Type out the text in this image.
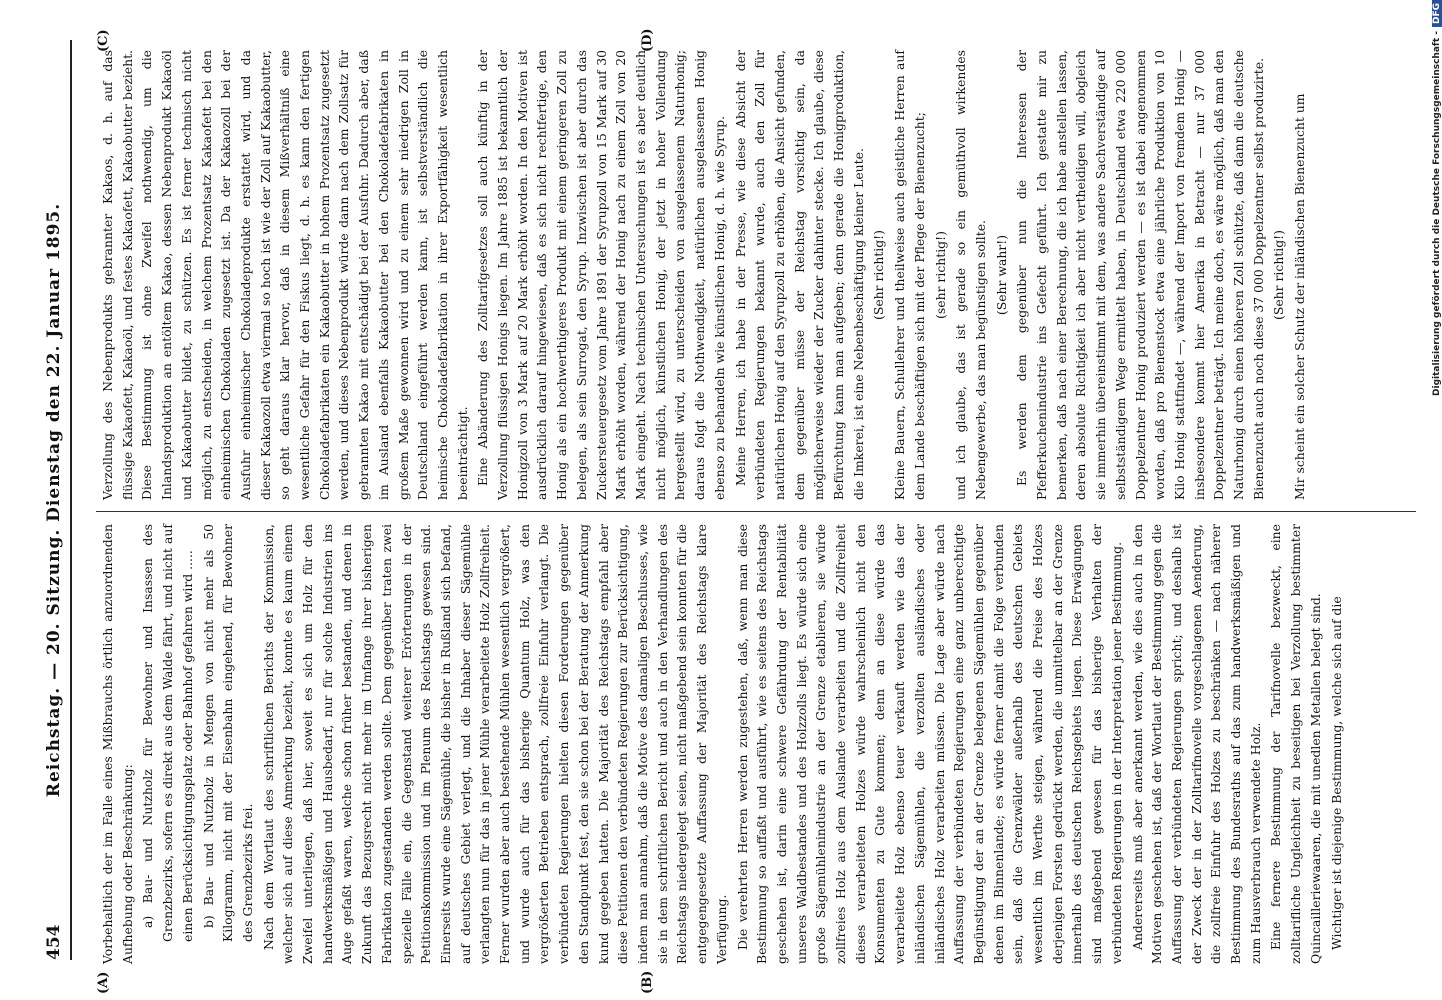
454
Reichstag. — 20. Sitzung. Dienstag den 22. Januar 1895.
(A)	(B)
(C)	(D)

Vorbehaltlich der im Falle eines Mißbrauchs örtlich anzuordnenden Aufhebung oder Beschränkung: a) Bau- und Nutzholz für Bewohner und Insassen des Grenzbezirks, sofern es direkt aus dem Walde fährt, und nicht auf einen Berücksichtigungsplatz oder Bahnhof gefahren wird ..... b) Bau- und Nutzholz in Mengen von nicht mehr als 50 Kilogramm, nicht mit der Eisenbahn eingehend, für Bewohner des Grenzbezirks frei. Nach dem Wortlaut des schriftlichen Berichts der Kommission, welcher sich auf diese Anmerkung bezieht, konnte es kaum einem Zweifel unterliegen, daß hier, soweit es sich um Holz für den handwerksmäßigen und Hausbedarf, nur für solche Industrien ins Auge gefaßt waren, welche schon früher bestanden, und denen in Zukunft das Bezugsrecht nicht mehr im Umfange ihrer bisherigen Fabrikation zugestanden werden sollte. Dem gegenüber traten zwei spezielle Fälle ein, die Gegenstand weiterer Erörterungen in der Petitionskommission und im Plenum des Reichstags gewesen sind. Einerseits wurde eine Sägemühle, die bisher in Rußland sich befand, auf deutsches Gebiet verlegt, und die Inhaber dieser Sägemühle verlangten nun für das in jener Mühle verarbeitete Holz Zollfreiheit. Ferner wurden aber auch bestehende Mühlen wesentlich vergrößert, und wurde auch für das bisherige Quantum Holz, was den vergrößerten Betrieben entsprach, zollfreie Einfuhr verlangt. Die verbündeten Regierungen hielten diesen Forderungen gegenüber den Standpunkt fest, den sie schon bei der Beratung der Anmerkung kund gegeben hatten. Die Majorität des Reichstags empfahl aber diese Petitionen den verbündeten Regierungen zur Berücksichtigung, indem man annahm, daß die Motive des damaligen Beschlusses, wie sie in dem schriftlichen Bericht und auch in den Verhandlungen des Reichstags niedergelegt seien, nicht maßgebend sein konnten für die entgegengesetzte Auffassung der Majorität des Reichstags klare Verfügung. Die verehrten Herren werden zugestehen, daß, wenn man diese Bestimmung so auffaßt und ausführt, wie es seitens des Reichstags geschehen ist, darin eine schwere Gefährdung der Rentabilität unseres Waldbestandes und des Holzzolls liegt. Es würde sich eine große Sägemühlenindustrie an der Grenze etablieren, sie würde zollfreies Holz aus dem Auslande verarbeiten und die Zollfreiheit dieses verarbeiteten Holzes würde wahrscheinlich nicht den Konsumenten zu Gute kommen; denn an diese würde das verarbeitete Holz ebenso teuer verkauft werden wie das der inländischen Sägemühlen, die verzollten ausländisches oder inländisches Holz verarbeiten müssen. Die Lage aber würde nach Auffassung der verbündeten Regierungen eine ganz unberechtigte Begünstigung der an der Grenze belegenen Sägemühlen gegenüber denen im Binnenlande; es würde ferner damit die Folge verbunden sein, daß die Grenzwälder außerhalb des deutschen Gebiets wesentlich im Werthe steigen, während die Preise des Holzes derjenigen Forsten gedrückt werden, die unmittelbar an der Grenze innerhalb des deutschen Reichsgebiets liegen. Diese Erwägungen sind maßgebend gewesen für das bisherige Verhalten der verbündeten Regierungen in der Interpretation jener Bestimmung. Andererseits muß aber anerkannt werden, wie dies auch in den Motiven geschehen ist, daß der Wortlaut der Bestimmung gegen die Auffassung der verbündeten Regierungen spricht; und deshalb ist der Zweck der in der Zolltarifnovelle vorgeschlagenen Aenderung, die zollfreie Einfuhr des Holzes zu beschränken — nach näherer Bestimmung des Bundesraths auf das zum handwerksmäßigen und zum Hausverbrauch verwendete Holz. Eine fernere Bestimmung der Tarifnovelle bezweckt, eine zolltarifliche Ungleichheit zu beseitigen bei Verzollung bestimmter Quincailleriewaaren, die mit unedlen Metallen belegt sind. Wichtiger ist diejenige Bestimmung, welche sich auf die

Verzollung des Nebenprodukts gebrannter Kakaos, d. h. auf das flüssige Kakaofett, Kakaoöl, und festes Kakaofett, Kakaobutter bezieht. Diese Bestimmung ist ohne Zweifel nothwendig, um die Inlandsproduktion an entöltem Kakao, dessen Nebenprodukt Kakaoöl und Kakaobutter bildet, zu schützen. Es ist ferner technisch nicht möglich, zu entscheiden, in welchem Prozentsatz Kakaofett bei den einheimischen Chokoladen zugesetzt ist. Da der Kakaozoll bei der Ausfuhr einheimischer Chokoladeprodukte erstattet wird, und da dieser Kakaozoll etwa viermal so hoch ist wie der Zoll auf Kakaobutter, so geht daraus klar hervor, daß in diesem Mißverhältniß eine wesentliche Gefahr für den Fiskus liegt, d. h. es kann den fertigen Chokoladefabrikaten ein Kakaobutter in hohem Prozentsatz zugesetzt werden, und dieses Nebenprodukt würde dann nach dem Zollsatz für gebrannten Kakao mit entschädigt bei der Ausfuhr. Dadurch aber, daß im Ausland ebenfalls Kakaobutter bei den Chokoladefabrikaten in großem Maße gewonnen wird und zu einem sehr niedrigen Zoll in Deutschland eingeführt werden kann, ist selbstverständlich die heimische Chokoladefabrikation in ihrer Exportfähigkeit wesentlich beeinträchtigt. Eine Abänderung des Zolltarifgesetzes soll auch künftig in der Verzollung flüssigen Honigs liegen. Im Jahre 1885 ist bekanntlich der Honigzoll von 3 Mark auf 20 Mark erhöht worden. In den Motiven ist ausdrücklich darauf hingewiesen, daß es sich nicht rechtfertige, den Honig als ein hochwerthigeres Produkt mit einem geringeren Zoll zu belegen, als sein Surrogat, den Syrup. Inzwischen ist aber durch das Zuckersteuergesetz vom Jahre 1891 der Syrupzoll von 15 Mark auf 30 Mark erhöht worden, während der Honig nach zu einem Zoll von 20 Mark eingeht. Nach technischen Untersuchungen ist es aber deutlich nicht möglich, künstlichen Honig, der jetzt in hoher Vollendung hergestellt wird, zu unterscheiden von ausgelassenem Naturhonig; daraus folgt die Nothwendigkeit, natürlichen ausgelassenen Honig ebenso zu behandeln wie künstlichen Honig, d. h. wie Syrup. Meine Herren, ich habe in der Presse, wie diese Absicht der verbündeten Regierungen bekannt wurde, auch den Zoll für natürlichen Honig auf den Syrupzoll zu erhöhen, die Ansicht gefunden, dem gegenüber müsse der Reichstag vorsichtig sein, da möglicherweise wieder der Zucker dahinter stecke. Ich glaube, diese Befürchtung kann man aufgeben; denn gerade die Honigproduktion, die Imkerei, ist eine Nebenbeschäftigung kleiner Leute. (Sehr richtig!) Kleine Bauern, Schullehrer und theilweise auch geistliche Herren auf dem Lande beschäftigen sich mit der Pflege der Bienenzucht; (sehr richtig!) und ich glaube, das ist gerade so ein gemüthvoll wirkendes Nebengewerbe, das man begünstigen sollte. (Sehr wahr!) Es werden dem gegenüber nun die Interessen der Pfefferkuchenindustrie ins Gefecht geführt. Ich gestatte mir zu bemerken, daß nach einer Berechnung, die ich habe anstellen lassen, deren absolute Richtigkeit ich aber nicht vertheidigen will, obgleich sie immerhin übereinstimmt mit dem, was andere Sachverständige auf selbstständigem Wege ermittelt haben, in Deutschland etwa 220 000 Doppelzentner Honig produziert werden — es ist dabei angenommen worden, daß pro Bienenstock etwa eine jährliche Produktion von 10 Kilo Honig stattfindet —, während der Import von fremdem Honig — insbesondere kommt hier Amerika in Betracht — nur 37 000 Doppelzentner beträgt. Ich meine doch, es wäre möglich, daß man den Naturhonig durch einen höheren Zoll schützte, daß dann die deutsche Bienenzucht auch noch diese 37 000 Doppelzentner selbst produzirte. (Sehr richtig!) Mir scheint ein solcher Schutz der inländischen Bienenzucht um	Digitalisierung gefördert durch die Deutsche Forschungsgemeinschaft -DFG
